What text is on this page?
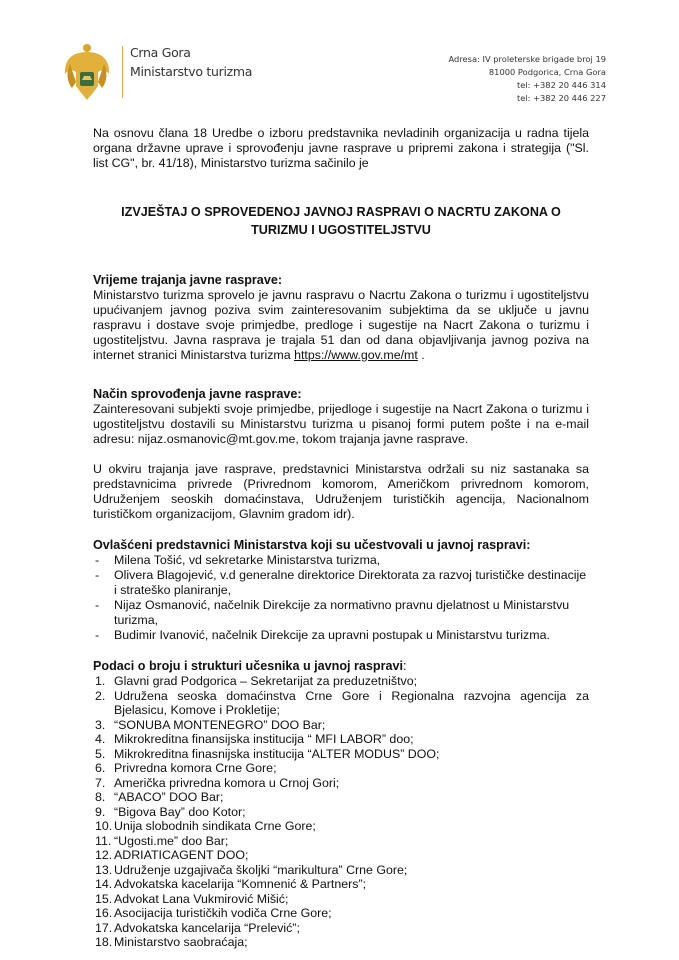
Crna Gora
Ministarstvo turizma
Adresa: IV proleterske brigade broj 19
81000 Podgorica, Crna Gora
tel: +382 20 446 314
tel: +382 20 446 227

Na osnovu člana 18 Uredbe o izboru predstavnika nevladinih organizacija u radna tijela organa državne uprave i sprovođenju javne rasprave u pripremi zakona i strategija ("Sl. list CG", br. 41/18), Ministarstvo turizma sačinilo je

IZVJEŠTAJ O SPROVEDENOJ JAVNOJ RASPRAVI O NACRTU ZAKONA O TURIZMU I UGOSTITELJSTVU
Vrijeme trajanja javne rasprave:

Ministarstvo turizma sprovelo je javnu raspravu o Nacrtu Zakona o turizmu i ugostiteljstvu upućivanjem javnog poziva svim zainteresovanim subjektima da se uključe u javnu raspravu i dostave svoje primjedbe, predloge i sugestije na Nacrt Zakona o turizmu i ugostiteljstvu. Javna rasprava je trajala 51 dan od dana objavljivanja javnog poziva na internet stranici Ministarstva turizma https://www.gov.me/mt .

Način sprovođenja javne rasprave:

Zainteresovani subjekti svoje primjedbe, prijedloge i sugestije na Nacrt Zakona o turizmu i ugostiteljstvu dostavili su Ministarstvu turizma u pisanoj formi putem pošte i na e-mail adresu: nijaz.osmanovic@mt.gov.me, tokom trajanja javne rasprave.

U okviru trajanja jave rasprave, predstavnici Ministarstva održali su niz sastanaka sa predstavnicima privrede (Privrednom komorom, Američkom privrednom komorom, Udruženjem seoskih domaćinstava, Udruženjem turističkih agencija, Nacionalnom turističkom organizacijom, Glavnim gradom idr).

Ovlašćeni predstavnici Ministarstva koji su učestvovali u javnoj raspravi:
- Milena Tošić, vd sekretarke Ministarstva turizma,
- Olivera Blagojević, v.d generalne direktorice Direktorata za razvoj turističke destinacije i strateško planiranje,
- Nijaz Osmanović, načelnik Direkcije za normativno pravnu djelatnost u Ministarstvu turizma,
- Budimir Ivanović, načelnik Direkcije za upravni postupak u Ministarstvu turizma.
Podaci o broju i strukturi učesnika u javnoj raspravi:
1. Glavni grad Podgorica – Sekretarijat za preduzetništvo;
2. Udružena seoska domaćinstva Crne Gore i Regionalna razvojna agencija za Bjelasicu, Komove i Prokletije;
3. “SONUBA MONTENEGRO” DOO Bar;
4. Mikrokreditna finansijska institucija “ MFI LABOR” doo;
5. Mikrokreditna finasnijska institucija “ALTER MODUS” DOO;
6. Privredna komora Crne Gore;
7. Američka privredna komora u Crnoj Gori;
8. “ABACO” DOO Bar;
9. “Bigova Bay” doo Kotor;
10. Unija slobodnih sindikata Crne Gore;
11. “Ugosti.me” doo Bar;
12. ADRIATICAGENT DOO;
13. Udruženje uzgajivača školjki “marikultura” Crne Gore;
14. Advokatska kacelarija “Komnenić & Partners”;
15. Advokat Lana Vukmirović Mišić;
16. Asocijacija turističkih vodiča Crne Gore;
17. Advokatska kancelarija “Prelević”;
18. Ministarstvo saobraćaja;
